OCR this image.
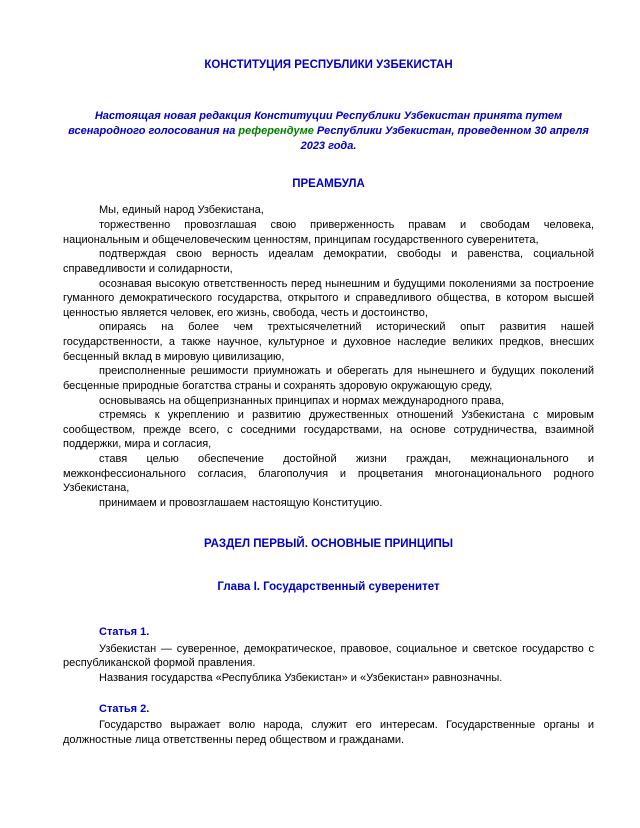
КОНСТИТУЦИЯ РЕСПУБЛИКИ УЗБЕКИСТАН

Настоящая новая редакция Конституции Республики Узбекистан принята путем всенародного голосования на референдуме Республики Узбекистан, проведенном 30 апреля 2023 года.

ПРЕАМБУЛА

Мы, единый народ Узбекистана,

торжественно провозглашая свою приверженность правам и свободам человека, национальным и общечеловеческим ценностям, принципам государственного суверенитета,

подтверждая свою верность идеалам демократии, свободы и равенства, социальной справедливости и солидарности,

осознавая высокую ответственность перед нынешним и будущими поколениями за построение гуманного демократического государства, открытого и справедливого общества, в котором высшей ценностью является человек, его жизнь, свобода, честь и достоинство,

опираясь на более чем трехтысячелетний исторический опыт развития нашей государственности, а также научное, культурное и духовное наследие великих предков, внесших бесценный вклад в мировую цивилизацию,

преисполненные решимости приумножать и оберегать для нынешнего и будущих поколений бесценные природные богатства страны и сохранять здоровую окружающую среду,

основываясь на общепризнанных принципах и нормах международного права,

стремясь к укреплению и развитию дружественных отношений Узбекистана с мировым сообществом, прежде всего, с соседними государствами, на основе сотрудничества, взаимной поддержки, мира и согласия,

ставя целью обеспечение достойной жизни граждан, межнационального и межконфессионального согласия, благополучия и процветания многонационального родного Узбекистана,

принимаем и провозглашаем настоящую Конституцию.

РАЗДЕЛ ПЕРВЫЙ. ОСНОВНЫЕ ПРИНЦИПЫ
Глава I. Государственный суверенитет

Статья 1.

Узбекистан — суверенное, демократическое, правовое, социальное и светское государство с республиканской формой правления.

Названия государства «Республика Узбекистан» и «Узбекистан» равнозначны.

Статья 2.

Государство выражает волю народа, служит его интересам. Государственные органы и должностные лица ответственны перед обществом и гражданами.
